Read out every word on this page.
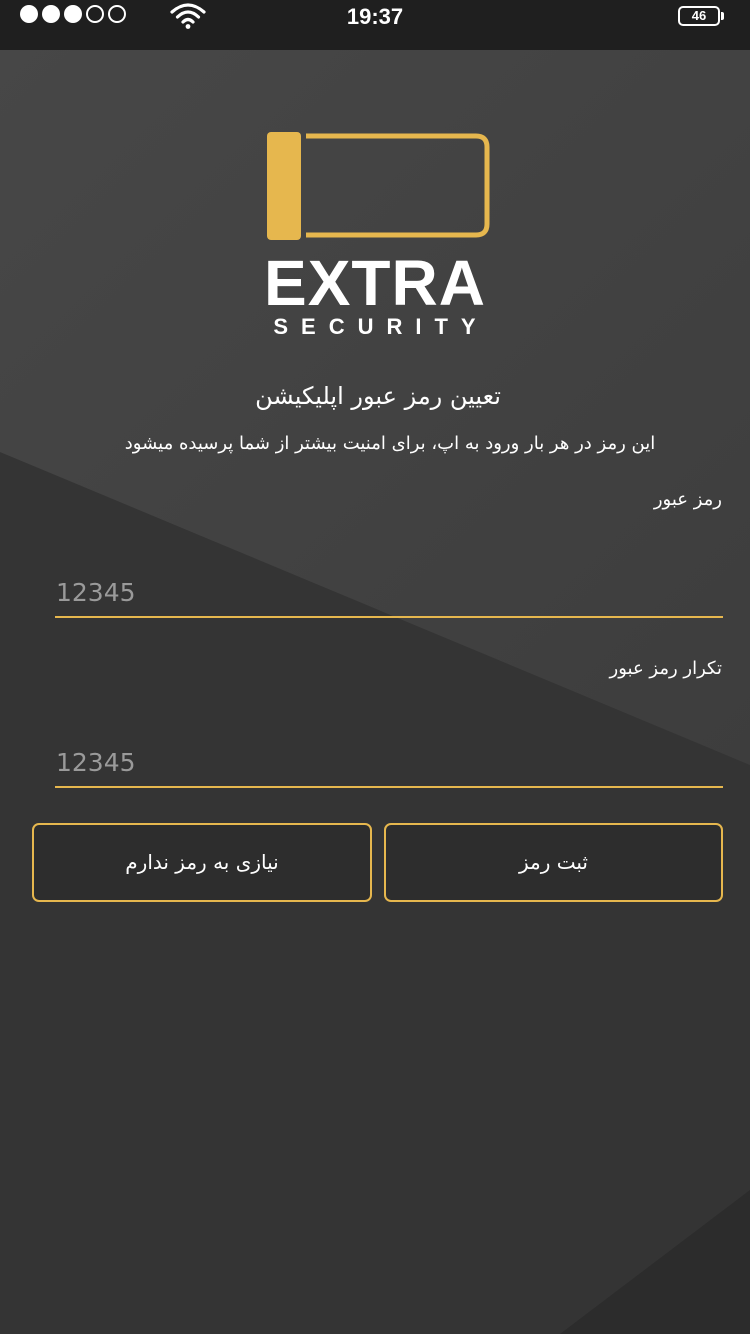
19:37	46
EXTRA
SECURITY
تعیین رمز عبور اپلیکیشن
این رمز در هر بار ورود به اپ، برای امنیت بیشتر از شما پرسیده میشود
رمز عبور
12345
تکرار رمز عبور
12345
نیازی به رمز ندارم	ثبت رمز
